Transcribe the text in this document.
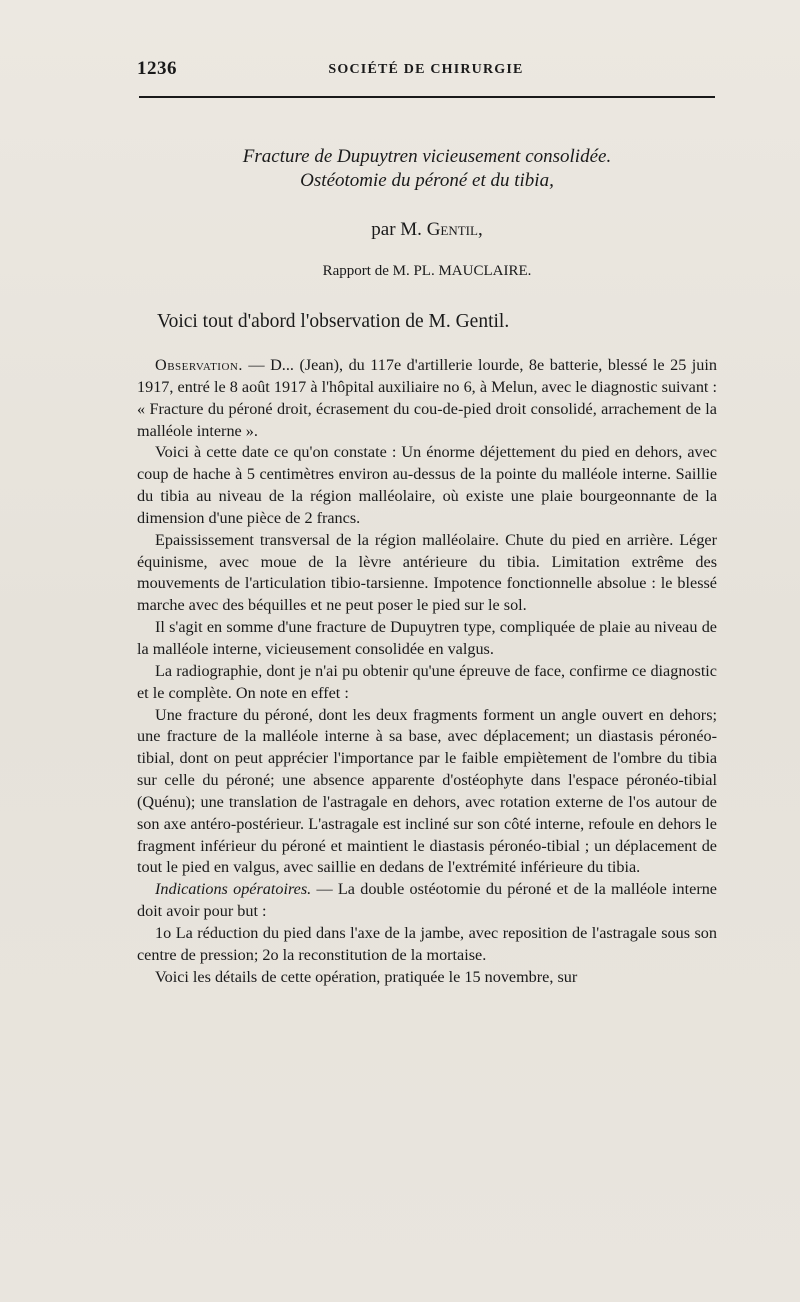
1236	SOCIÉTÉ DE CHIRURGIE

Fracture de Dupuytren vicieusement consolidée.

Ostéotomie du péroné et du tibia,

par M. Gentil,
Rapport de M. PL. MAUCLAIRE.
Voici tout d'abord l'observation de M. Gentil.

Observation. — D... (Jean), du 117e d'artillerie lourde, 8e batterie, blessé le 25 juin 1917, entré le 8 août 1917 à l'hôpital auxiliaire no 6, à Melun, avec le diagnostic suivant : « Fracture du péroné droit, écrasement du cou-de-pied droit consolidé, arrachement de la malléole interne ».

Voici à cette date ce qu'on constate : Un énorme déjettement du pied en dehors, avec coup de hache à 5 centimètres environ au-dessus de la pointe du malléole interne. Saillie du tibia au niveau de la région malléolaire, où existe une plaie bourgeonnante de la dimension d'une pièce de 2 francs.

Epaississement transversal de la région malléolaire. Chute du pied en arrière. Léger équinisme, avec moue de la lèvre antérieure du tibia. Limitation extrême des mouvements de l'articulation tibio-tarsienne. Impotence fonctionnelle absolue : le blessé marche avec des béquilles et ne peut poser le pied sur le sol.

Il s'agit en somme d'une fracture de Dupuytren type, compliquée de plaie au niveau de la malléole interne, vicieusement consolidée en valgus.

La radiographie, dont je n'ai pu obtenir qu'une épreuve de face, confirme ce diagnostic et le complète. On note en effet :

Une fracture du péroné, dont les deux fragments forment un angle ouvert en dehors; une fracture de la malléole interne à sa base, avec déplacement; un diastasis péronéo-tibial, dont on peut apprécier l'importance par le faible empiètement de l'ombre du tibia sur celle du péroné; une absence apparente d'ostéophyte dans l'espace péronéo-tibial (Quénu); une translation de l'astragale en dehors, avec rotation externe de l'os autour de son axe antéro-postérieur. L'astragale est incliné sur son côté interne, refoule en dehors le fragment inférieur du péroné et maintient le diastasis péronéo-tibial ; un déplacement de tout le pied en valgus, avec saillie en dedans de l'extrémité inférieure du tibia.

Indications opératoires. — La double ostéotomie du péroné et de la malléole interne doit avoir pour but :

1o La réduction du pied dans l'axe de la jambe, avec reposition de l'astragale sous son centre de pression; 2o la reconstitution de la mortaise.

Voici les détails de cette opération, pratiquée le 15 novembre, sur
